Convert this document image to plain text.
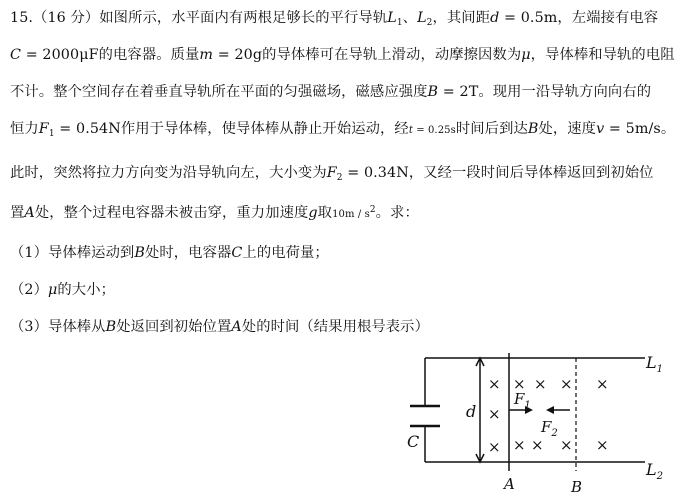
15.（16 分）如图所示，水平面内有两根足够长的平行导轨$L_1$、$L_2$，其间距d = 0.5m，左端接有电容
C = 2000μF的电容器。质量m = 20g的导体棒可在导轨上滑动，动摩擦因数为μ，导体棒和导轨的电阻
不计。整个空间存在着垂直导轨所在平面的匀强磁场，磁感应强度B = 2T。现用一沿导轨方向向右的
恒力$F_1 = 0.54N$作用于导体棒，使导体棒从静止开始运动，经t = 0.25s时间后到达B处，速度v = 5m/s。
此时，突然将拉力方向变为沿导轨向左，大小变为$F_2 = 0.34N$，又经一段时间后导体棒返回到初始位
置A处，整个过程电容器未被击穿，重力加速度g取$10m / s^2$。求：
（1）导体棒运动到B处时，电容器C上的电荷量；
（2）μ的大小；
（3）导体棒从B处返回到初始位置A处的时间（结果用根号表示）
×
×
×
×
×
×
×
×
×
×
×
$L_1$
$L_2$
d
C
$F_1$
$F_2$
A	B
